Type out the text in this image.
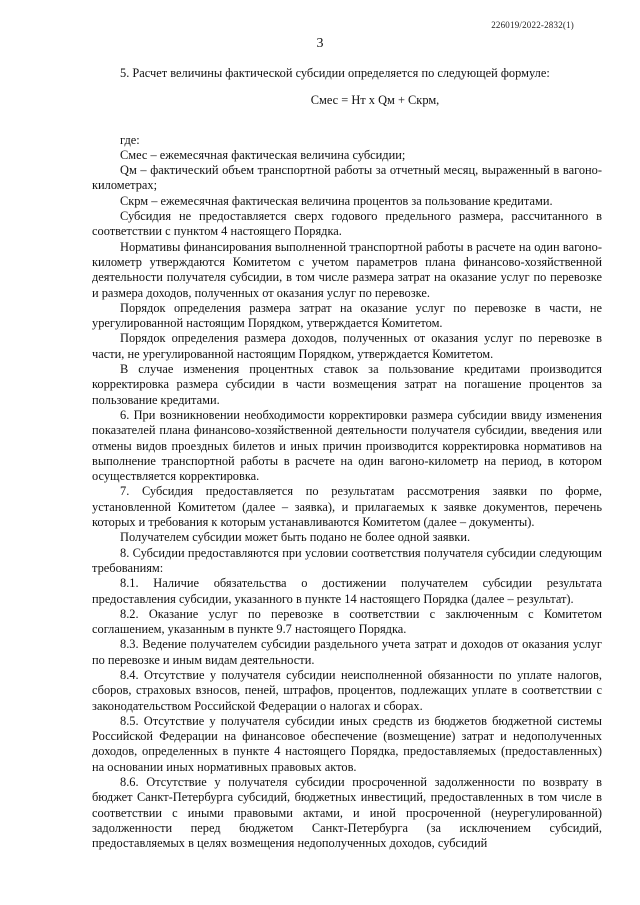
226019/2022-2832(1)
3

5. Расчет величины фактической субсидии определяется по следующей формуле:

Смес = Нт х Qм + Скрм,

где:

Смес – ежемесячная фактическая величина субсидии;

Qм – фактический объем транспортной работы за отчетный месяц, выраженный в вагоно-километрах;

Скрм – ежемесячная фактическая величина процентов за пользование кредитами.

Субсидия не предоставляется сверх годового предельного размера, рассчитанного в соответствии с пунктом 4 настоящего Порядка.

Нормативы финансирования выполненной транспортной работы в расчете на один вагоно-километр утверждаются Комитетом с учетом параметров плана финансово-хозяйственной деятельности получателя субсидии, в том числе размера затрат на оказание услуг по перевозке и размера доходов, полученных от оказания услуг по перевозке.

Порядок определения размера затрат на оказание услуг по перевозке в части, не урегулированной настоящим Порядком, утверждается Комитетом.

Порядок определения размера доходов, полученных от оказания услуг по перевозке в части, не урегулированной настоящим Порядком, утверждается Комитетом.

В случае изменения процентных ставок за пользование кредитами производится корректировка размера субсидии в части возмещения затрат на погашение процентов за пользование кредитами.

6. При возникновении необходимости корректировки размера субсидии ввиду изменения показателей плана финансово-хозяйственной деятельности получателя субсидии, введения или отмены видов проездных билетов и иных причин производится корректировка нормативов на выполнение транспортной работы в расчете на один вагоно-километр на период, в котором осуществляется корректировка.

7. Субсидия предоставляется по результатам рассмотрения заявки по форме, установленной Комитетом (далее – заявка), и прилагаемых к заявке документов, перечень которых и требования к которым устанавливаются Комитетом (далее – документы).

Получателем субсидии может быть подано не более одной заявки.

8. Субсидии предоставляются при условии соответствия получателя субсидии следующим требованиям:

8.1. Наличие обязательства о достижении получателем субсидии результата предоставления субсидии, указанного в пункте 14 настоящего Порядка (далее – результат).

8.2. Оказание услуг по перевозке в соответствии с заключенным с Комитетом соглашением, указанным в пункте 9.7 настоящего Порядка.

8.3. Ведение получателем субсидии раздельного учета затрат и доходов от оказания услуг по перевозке и иным видам деятельности.

8.4. Отсутствие у получателя субсидии неисполненной обязанности по уплате налогов, сборов, страховых взносов, пеней, штрафов, процентов, подлежащих уплате в соответствии с законодательством Российской Федерации о налогах и сборах.

8.5. Отсутствие у получателя субсидии иных средств из бюджетов бюджетной системы Российской Федерации на финансовое обеспечение (возмещение) затрат и недополученных доходов, определенных в пункте 4 настоящего Порядка, предоставляемых (предоставленных) на основании иных нормативных правовых актов.

8.6. Отсутствие у получателя субсидии просроченной задолженности по возврату в бюджет Санкт-Петербурга субсидий, бюджетных инвестиций, предоставленных в том числе в соответствии с иными правовыми актами, и иной просроченной (неурегулированной) задолженности перед бюджетом Санкт-Петербурга (за исключением субсидий, предоставляемых в целях возмещения недополученных доходов, субсидий
